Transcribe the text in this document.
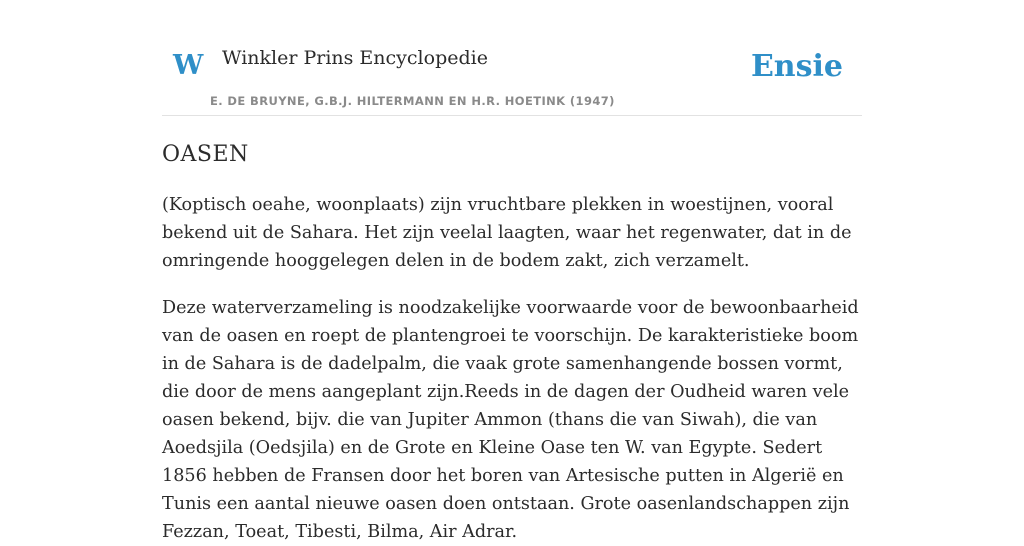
W Winkler Prins Encyclopedie
E. DE BRUYNE, G.B.J. HILTERMANN EN H.R. HOETINK (1947)
Ensie
OASEN

(Koptisch oeahe, woonplaats) zijn vruchtbare plekken in woestijnen, vooral bekend uit de Sahara. Het zijn veelal laagten, waar het regenwater, dat in de omringende hooggelegen delen in de bodem zakt, zich verzamelt.

Deze waterverzameling is noodzakelijke voorwaarde voor de bewoonbaarheid van de oasen en roept de plantengroei te voorschijn. De karakteristieke boom in de Sahara is de dadelpalm, die vaak grote samenhangende bossen vormt, die door de mens aangeplant zijn.Reeds in de dagen der Oudheid waren vele oasen bekend, bijv. die van Jupiter Ammon (thans die van Siwah), die van Aoedsjila (Oedsjila) en de Grote en Kleine Oase ten W. van Egypte. Sedert 1856 hebben de Fransen door het boren van Artesische putten in Algerië en Tunis een aantal nieuwe oasen doen ontstaan. Grote oasenlandschappen zijn Fezzan, Toeat, Tibesti, Bilma, Air Adrar.
